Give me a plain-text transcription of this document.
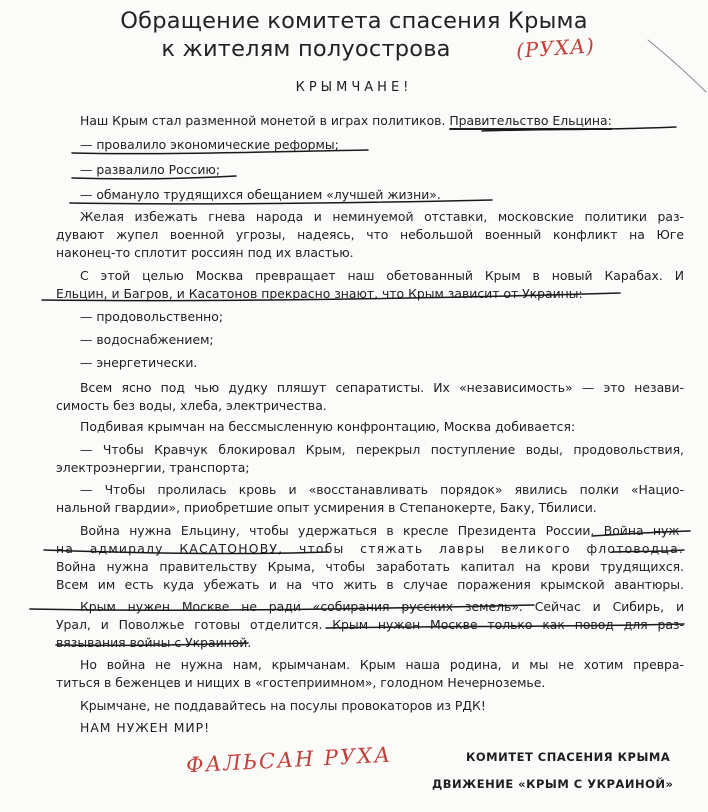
Обращение комитета спасения Крыма
к жителям полуострова	(РУХА)
КРЫМЧАНЕ!

Наш Крым стал разменной монетой в играх политиков. Правительство Ельцина:

— провалило экономические реформы;

— развалило Россию;

— обмануло трудящихся обещанием «лучшей жизни».

Желая избежать гнева народа и неминуемой отставки, московские политики раз-

дувают жупел военной угрозы, надеясь, что небольшой военный конфликт на Юге

наконец-то сплотит россиян под их властью.

С этой целью Москва превращает наш обетованный Крым в новый Карабах. И

Ельцин, и Багров, и Касатонов прекрасно знают, что Крым зависит от Украины:

— продовольственно;

— водоснабжением;

— энергетически.

Всем ясно под чью дудку пляшут сепаратисты. Их «независимость» — это незави-

симость без воды, хлеба, электричества.

Подбивая крымчан на бессмысленную конфронтацию, Москва добивается:

— Чтобы Кравчук блокировал Крым, перекрыл поступление воды, продовольствия,

электроэнергии, транспорта;

— Чтобы пролилась кровь и «восстанавливать порядок» явились полки «Нацио-

нальной гвардии», приобретшие опыт усмирения в Степанокерте, Баку, Тбилиси.

Война нужна Ельцину, чтобы удержаться в кресле Президента России. Война нуж-

на адмиралу КАСАТОНОВУ, чтобы стяжать лавры великого флотоводца.

Война нужна правительству Крыма, чтобы заработать капитал на крови трудящихся.

Всем им есть куда убежать и на что жить в случае поражения крымской авантюры.

Крым нужен Москве не ради «собирания русских земель». Сейчас и Сибирь, и

Урал, и Поволжье готовы отделится. Крым нужен Москве только как повод для раз-

вязывания войны с Украиной.

Но война не нужна нам, крымчанам. Крым наша родина, и мы не хотим превра-

титься в беженцев и нищих в «гостеприимном», голодном Нечерноземье.

Крымчане, не поддавайтесь на посулы провокаторов из РДК!

НАМ НУЖЕН МИР!

ФАЛЬСАН РУХА	КОМИТЕТ СПАСЕНИЯ КРЫМА
ДВИЖЕНИЕ «КРЫМ С УКРАИНОЙ»
